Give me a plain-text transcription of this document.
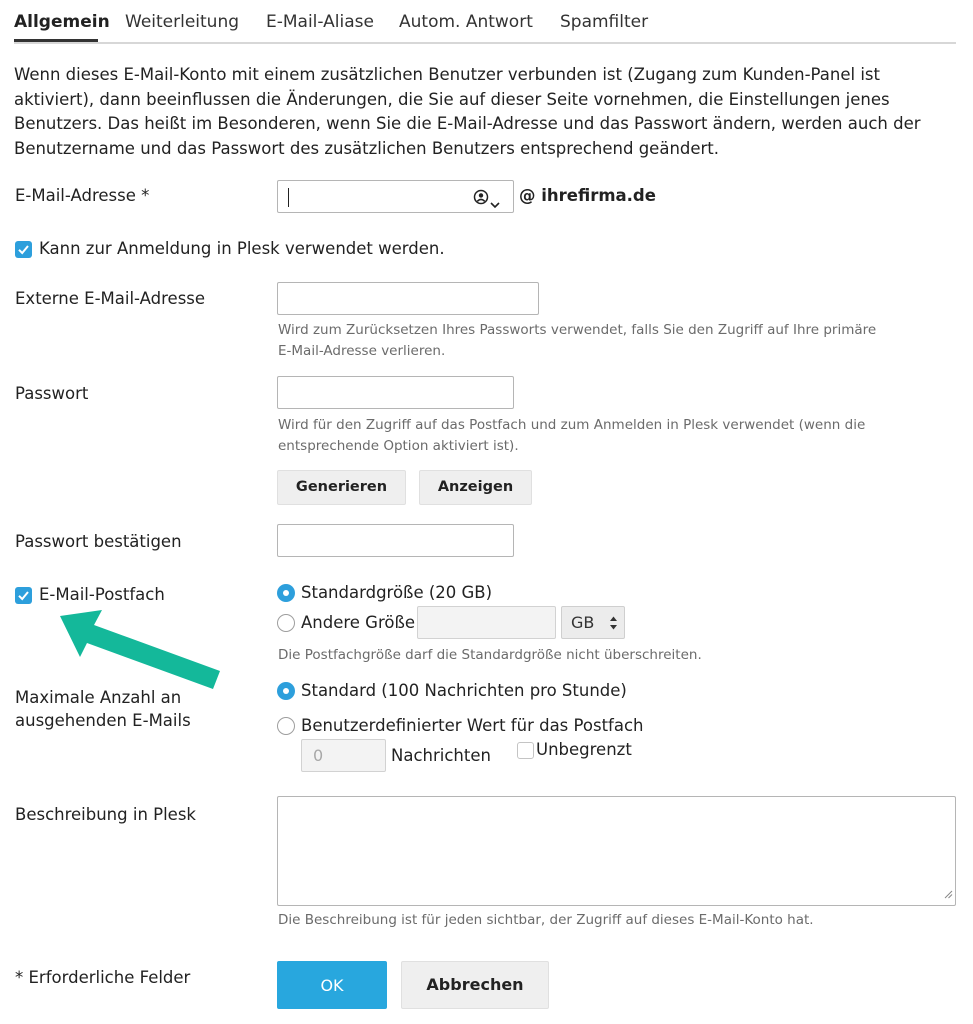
Allgemein Weiterleitung E-Mail-Aliase Autom. Antwort Spamfilter
Wenn dieses E-Mail-Konto mit einem zusätzlichen Benutzer verbunden ist (Zugang zum Kunden-Panel ist aktiviert), dann beeinflussen die Änderungen, die Sie auf dieser Seite vornehmen, die Einstellungen jenes Benutzers. Das heißt im Besonderen, wenn Sie die E-Mail-Adresse und das Passwort ändern, werden auch der Benutzername und das Passwort des zusätzlichen Benutzers entsprechend geändert.
E-Mail-Adresse *	@ ihrefirma.de
Kann zur Anmeldung in Plesk verwendet werden.
Externe E-Mail-Adresse
Wird zum Zurücksetzen Ihres Passworts verwendet, falls Sie den Zugriff auf Ihre primäre
E-Mail-Adresse verlieren.
Passwort
Wird für den Zugriff auf das Postfach und zum Anmelden in Plesk verwendet (wenn die
entsprechende Option aktiviert ist).
Generieren	Anzeigen
Passwort bestätigen
E-Mail-Postfach	Standardgröße (20 GB)
Andere Größe	GB
Die Postfachgröße darf die Standardgröße nicht überschreiten.
Maximale Anzahl an
ausgehenden E-Mails
Standard (100 Nachrichten pro Stunde)
Benutzerdefinierter Wert für das Postfach
0	Nachrichten	Unbegrenzt
Beschreibung in Plesk
Die Beschreibung ist für jeden sichtbar, der Zugriff auf dieses E-Mail-Konto hat.
* Erforderliche Felder	OK	Abbrechen
